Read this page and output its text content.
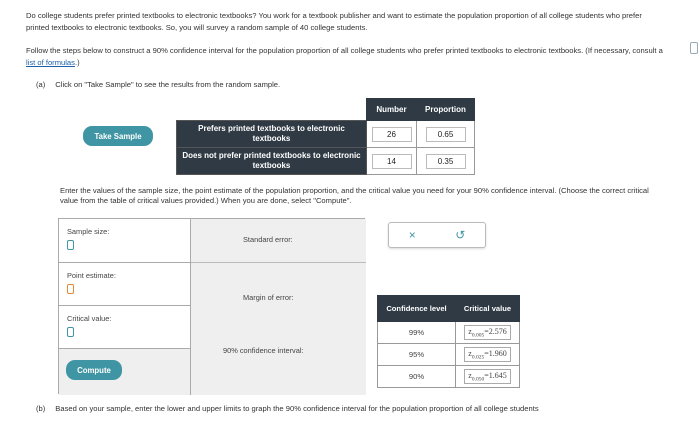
Do college students prefer printed textbooks to electronic textbooks? You work for a textbook publisher and want to estimate the population proportion of all college students who prefer printed textbooks to electronic textbooks. So, you will survey a random sample of 40 college students.
Follow the steps below to construct a 90% confidence interval for the population proportion of all college students who prefer printed textbooks to electronic textbooks. (If necessary, consult a list of formulas.)
(a) Click on "Take Sample" to see the results from the random sample.
Take Sample
	Number	Proportion
Prefers printed textbooks to electronic textbooks	26	0.65
Does not prefer printed textbooks to electronic textbooks	14	0.35
Enter the values of the sample size, the point estimate of the population proportion, and the critical value you need for your 90% confidence interval. (Choose the correct critical value from the table of critical values provided.) When you are done, select "Compute".
Sample size:
Standard error:
Point estimate:
Margin of error:
Critical value:
90% confidence interval:
Compute
×	↺
Confidence level	Critical value
99%	$z_{0.005}=2.576$
95%	$z_{0.025}=1.960$
90%	$z_{0.050}=1.645$
(b) Based on your sample, enter the lower and upper limits to graph the 90% confidence interval for the population proportion of all college students
